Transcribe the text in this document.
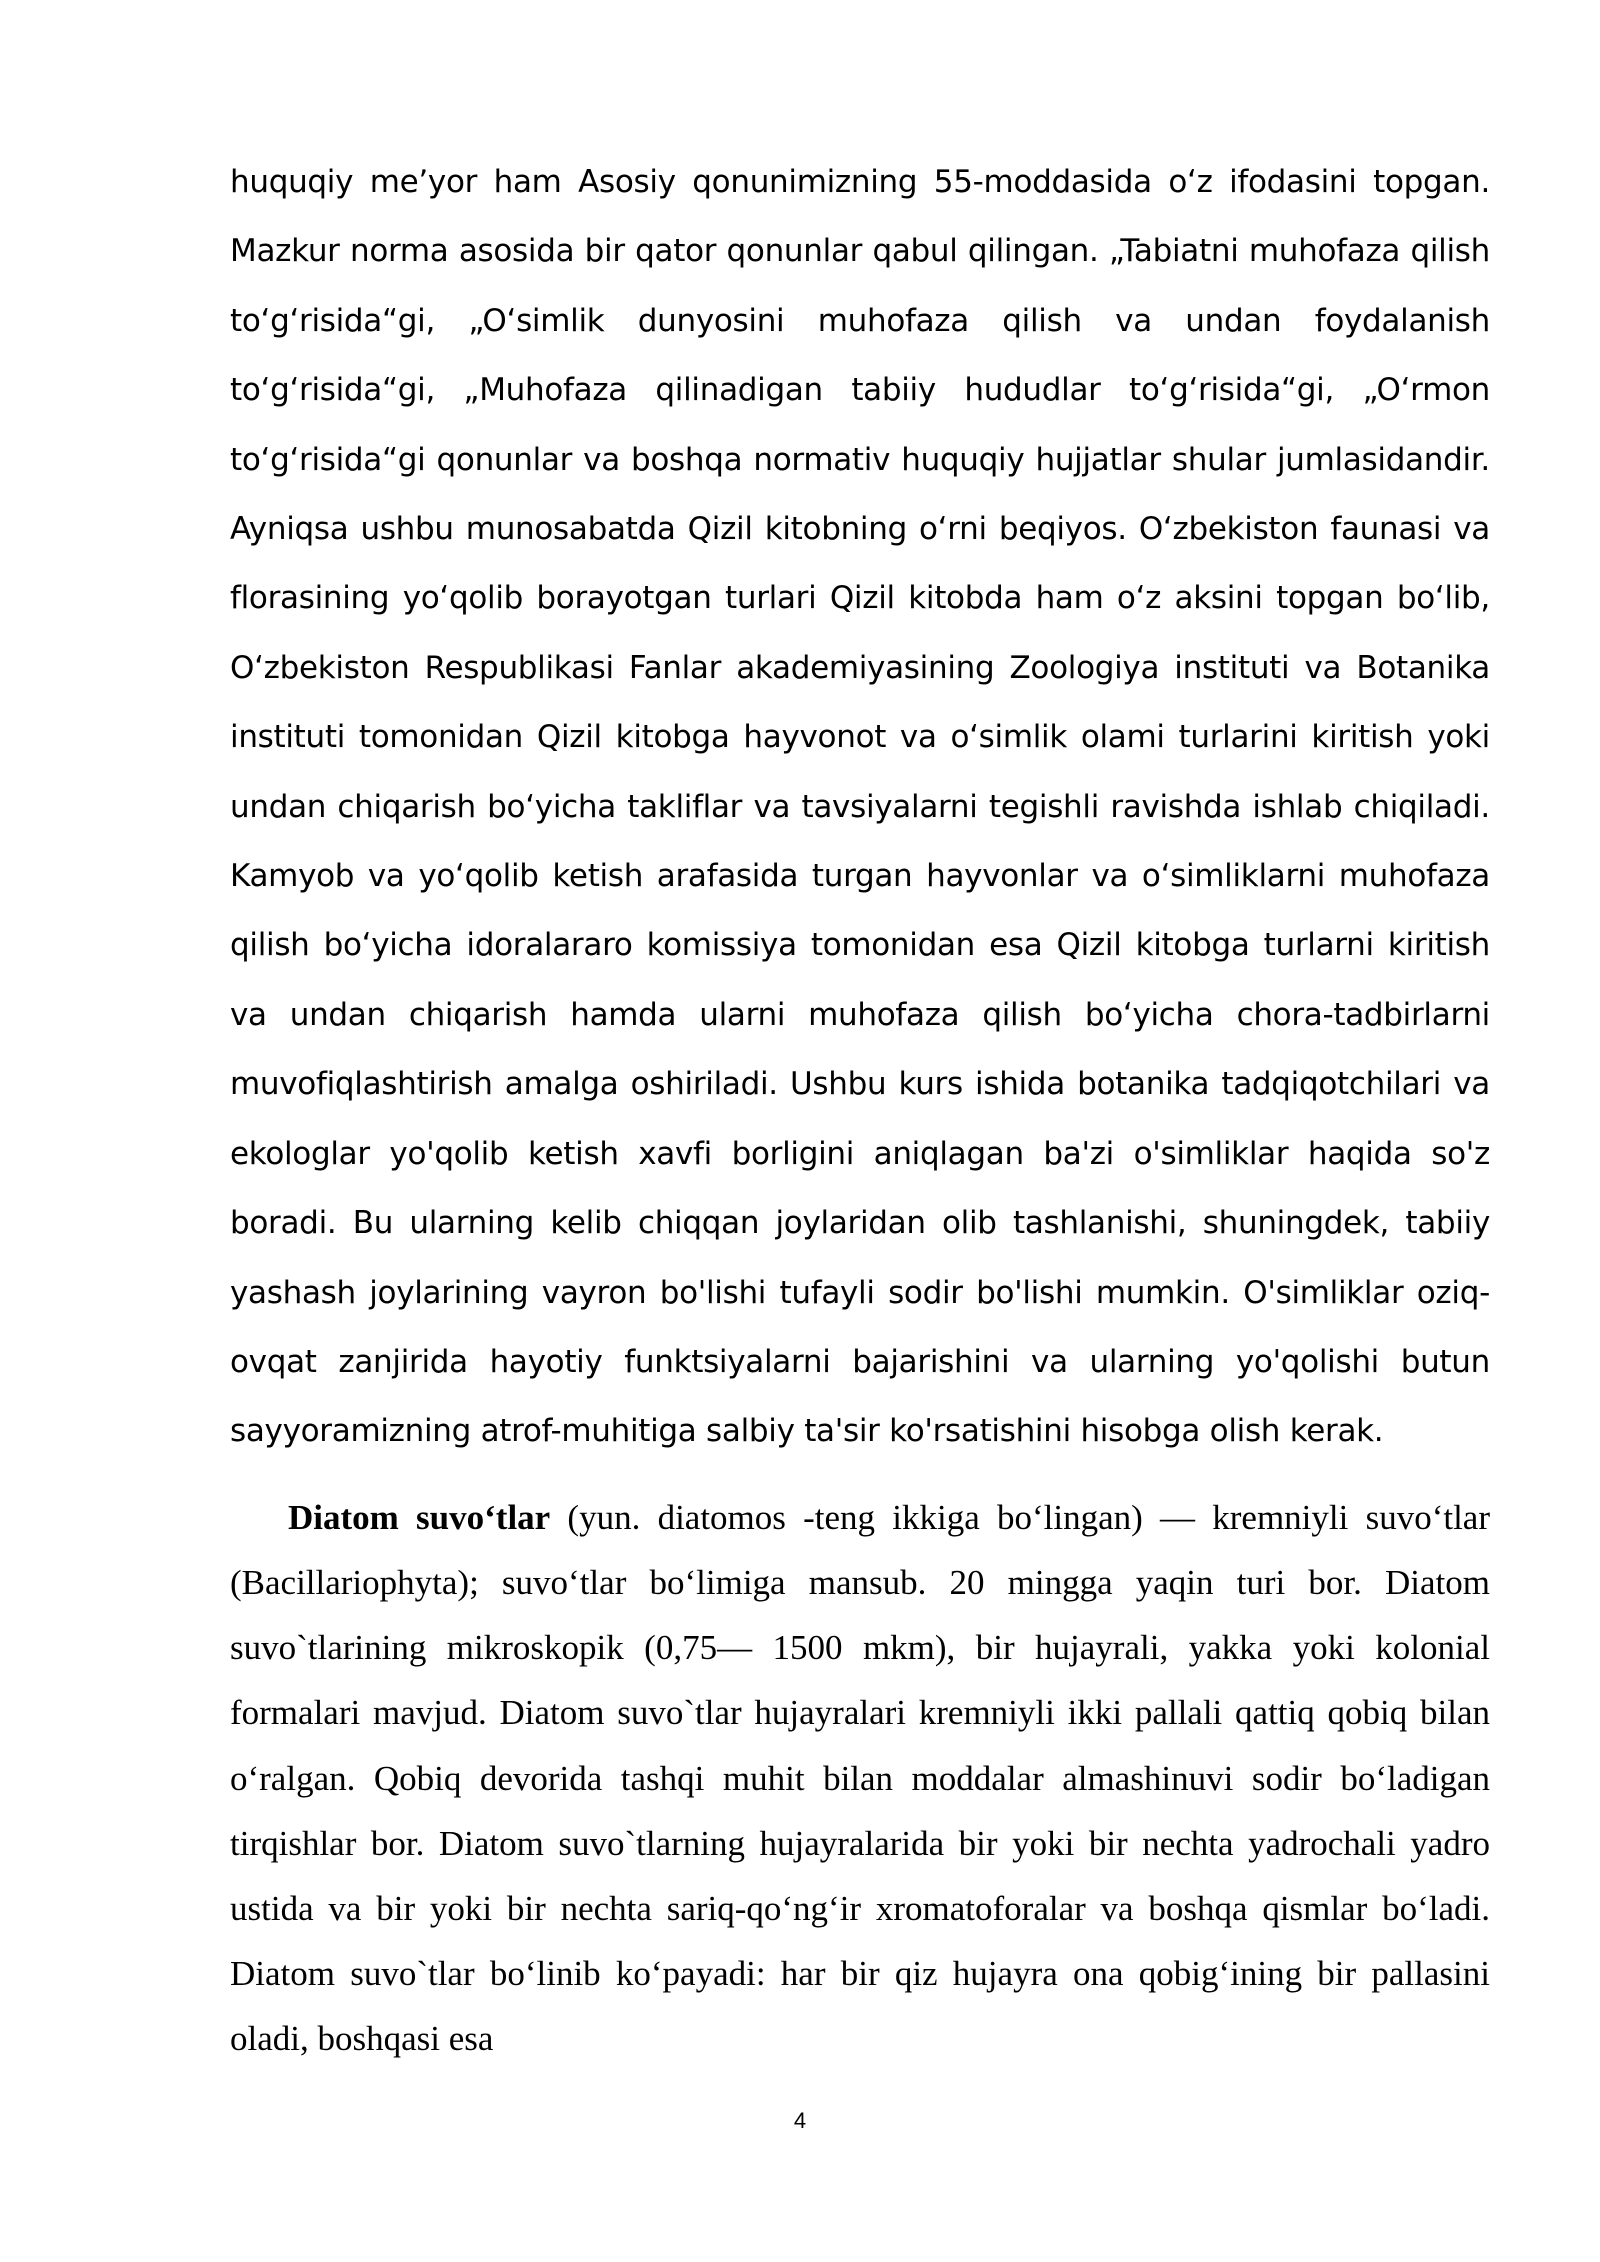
huquqiy me’yor ham Asosiy qonunimizning 55-moddasida oʻz ifodasini topgan. Mazkur norma asosida bir qator qonunlar qabul qilingan. „Tabiatni muhofaza qilish toʻgʻrisida“gi, „Oʻsimlik dunyosini muhofaza qilish va undan foydalanish toʻgʻrisida“gi, „Muhofaza qilinadigan tabiiy hududlar toʻgʻrisida“gi, „Oʻrmon toʻgʻrisida“gi qonunlar va boshqa normativ huquqiy hujjatlar shular jumlasidandir. Ayniqsa ushbu munosabatda Qizil kitobning oʻrni beqiyos. Oʻzbekiston faunasi va florasining yoʻqolib borayotgan turlari Qizil kitobda ham oʻz aksini topgan boʻlib, Oʻzbekiston Respublikasi Fanlar akademiyasining Zoologiya instituti va Botanika instituti tomonidan Qizil kitobga hayvonot va oʻsimlik olami turlarini kiritish yoki undan chiqarish boʻyicha takliflar va tavsiyalarni tegishli ravishda ishlab chiqiladi. Kamyob va yoʻqolib ketish arafasida turgan hayvonlar va oʻsimliklarni muhofaza qilish boʻyicha idoralararo komissiya tomonidan esa Qizil kitobga turlarni kiritish va undan chiqarish hamda ularni muhofaza qilish boʻyicha chora-tadbirlarni muvofiqlashtirish amalga oshiriladi. Ushbu kurs ishida botanika tadqiqotchilari va ekologlar yo'qolib ketish xavfi borligini aniqlagan ba'zi o'simliklar haqida so'z boradi. Bu ularning kelib chiqqan joylaridan olib tashlanishi, shuningdek, tabiiy yashash joylarining vayron bo'lishi tufayli sodir bo'lishi mumkin. O'simliklar oziq-ovqat zanjirida hayotiy funktsiyalarni bajarishini va ularning yo'qolishi butun sayyoramizning atrof-muhitiga salbiy ta'sir ko'rsatishini hisobga olish kerak.

Diatom suvoʻtlar (yun. diatomos -teng ikkiga boʻlingan) — kremniyli suvoʻtlar (Bacillariophyta); suvoʻtlar boʻlimiga mansub. 20 mingga yaqin turi bor. Diatom suvo`tlarining mikroskopik (0,75— 1500 mkm), bir hujayrali, yakka yoki kolonial formalari mavjud. Diatom suvo`tlar hujayralari kremniyli ikki pallali qattiq qobiq bilan oʻralgan. Qobiq devorida tashqi muhit bilan moddalar almashinuvi sodir boʻladigan tirqishlar bor. Diatom suvo`tlarning hujayralarida bir yoki bir nechta yadrochali yadro ustida va bir yoki bir nechta sariq-qoʻngʻir xromatoforalar va boshqa qismlar boʻladi. Diatom suvo`tlar boʻlinib koʻpayadi: har bir qiz hujayra ona qobigʻining bir pallasini oladi, boshqasi esa

4
